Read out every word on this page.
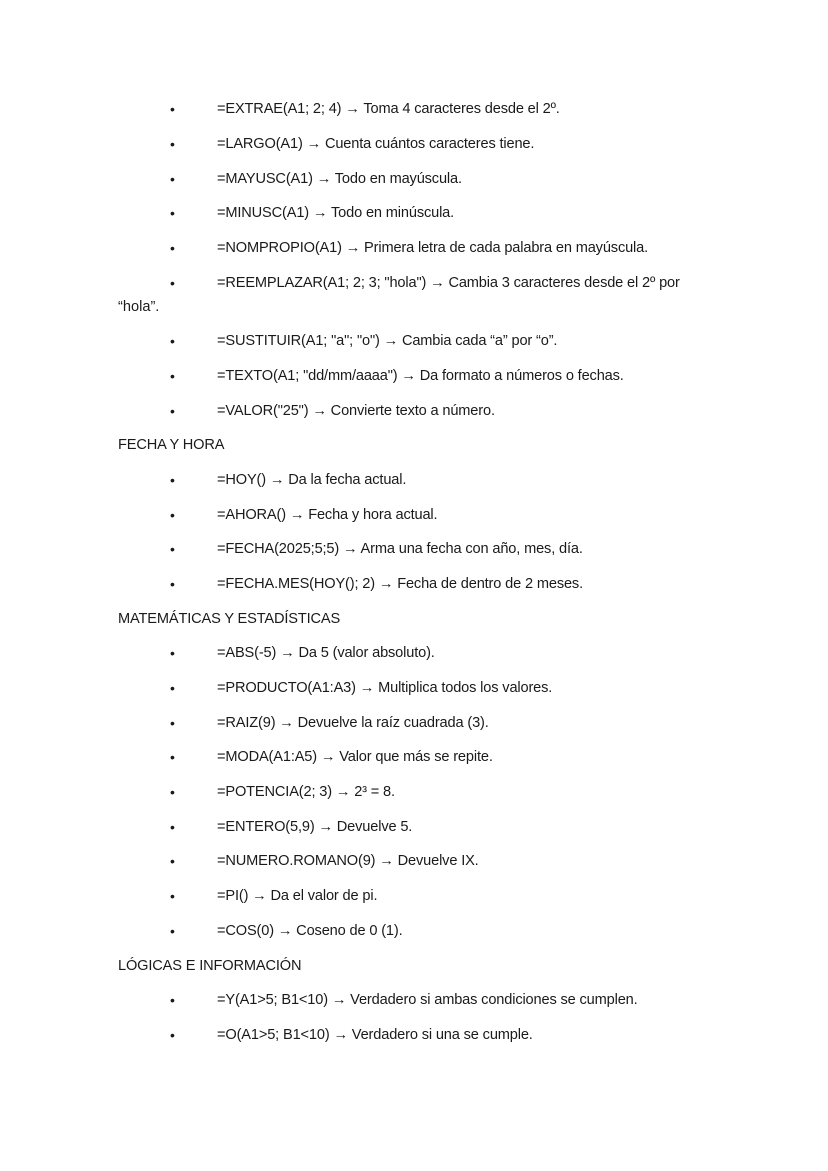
•	=EXTRAE(A1; 2; 4) → Toma 4 caracteres desde el 2º.
•	=LARGO(A1) → Cuenta cuántos caracteres tiene.
•	=MAYUSC(A1) → Todo en mayúscula.
•	=MINUSC(A1) → Todo en minúscula.
•	=NOMPROPIO(A1) → Primera letra de cada palabra en mayúscula.
•	=REEMPLAZAR(A1; 2; 3; "hola") → Cambia 3 caracteres desde el 2º por
“hola”.
•	=SUSTITUIR(A1; "a"; "o") → Cambia cada “a” por “o”.
•	=TEXTO(A1; "dd/mm/aaaa") → Da formato a números o fechas.
•	=VALOR("25") → Convierte texto a número.
FECHA Y HORA
•	=HOY() → Da la fecha actual.
•	=AHORA() → Fecha y hora actual.
•	=FECHA(2025;5;5) → Arma una fecha con año, mes, día.
•	=FECHA.MES(HOY(); 2) → Fecha de dentro de 2 meses.
MATEMÁTICAS Y ESTADÍSTICAS
•	=ABS(-5) → Da 5 (valor absoluto).
•	=PRODUCTO(A1:A3) → Multiplica todos los valores.
•	=RAIZ(9) → Devuelve la raíz cuadrada (3).
•	=MODA(A1:A5) → Valor que más se repite.
•	=POTENCIA(2; 3) → 2³ = 8.
•	=ENTERO(5,9) → Devuelve 5.
•	=NUMERO.ROMANO(9) → Devuelve IX.
•	=PI() → Da el valor de pi.
•	=COS(0) → Coseno de 0 (1).
LÓGICAS E INFORMACIÓN
•	=Y(A1>5; B1<10) → Verdadero si ambas condiciones se cumplen.
•	=O(A1>5; B1<10) → Verdadero si una se cumple.
